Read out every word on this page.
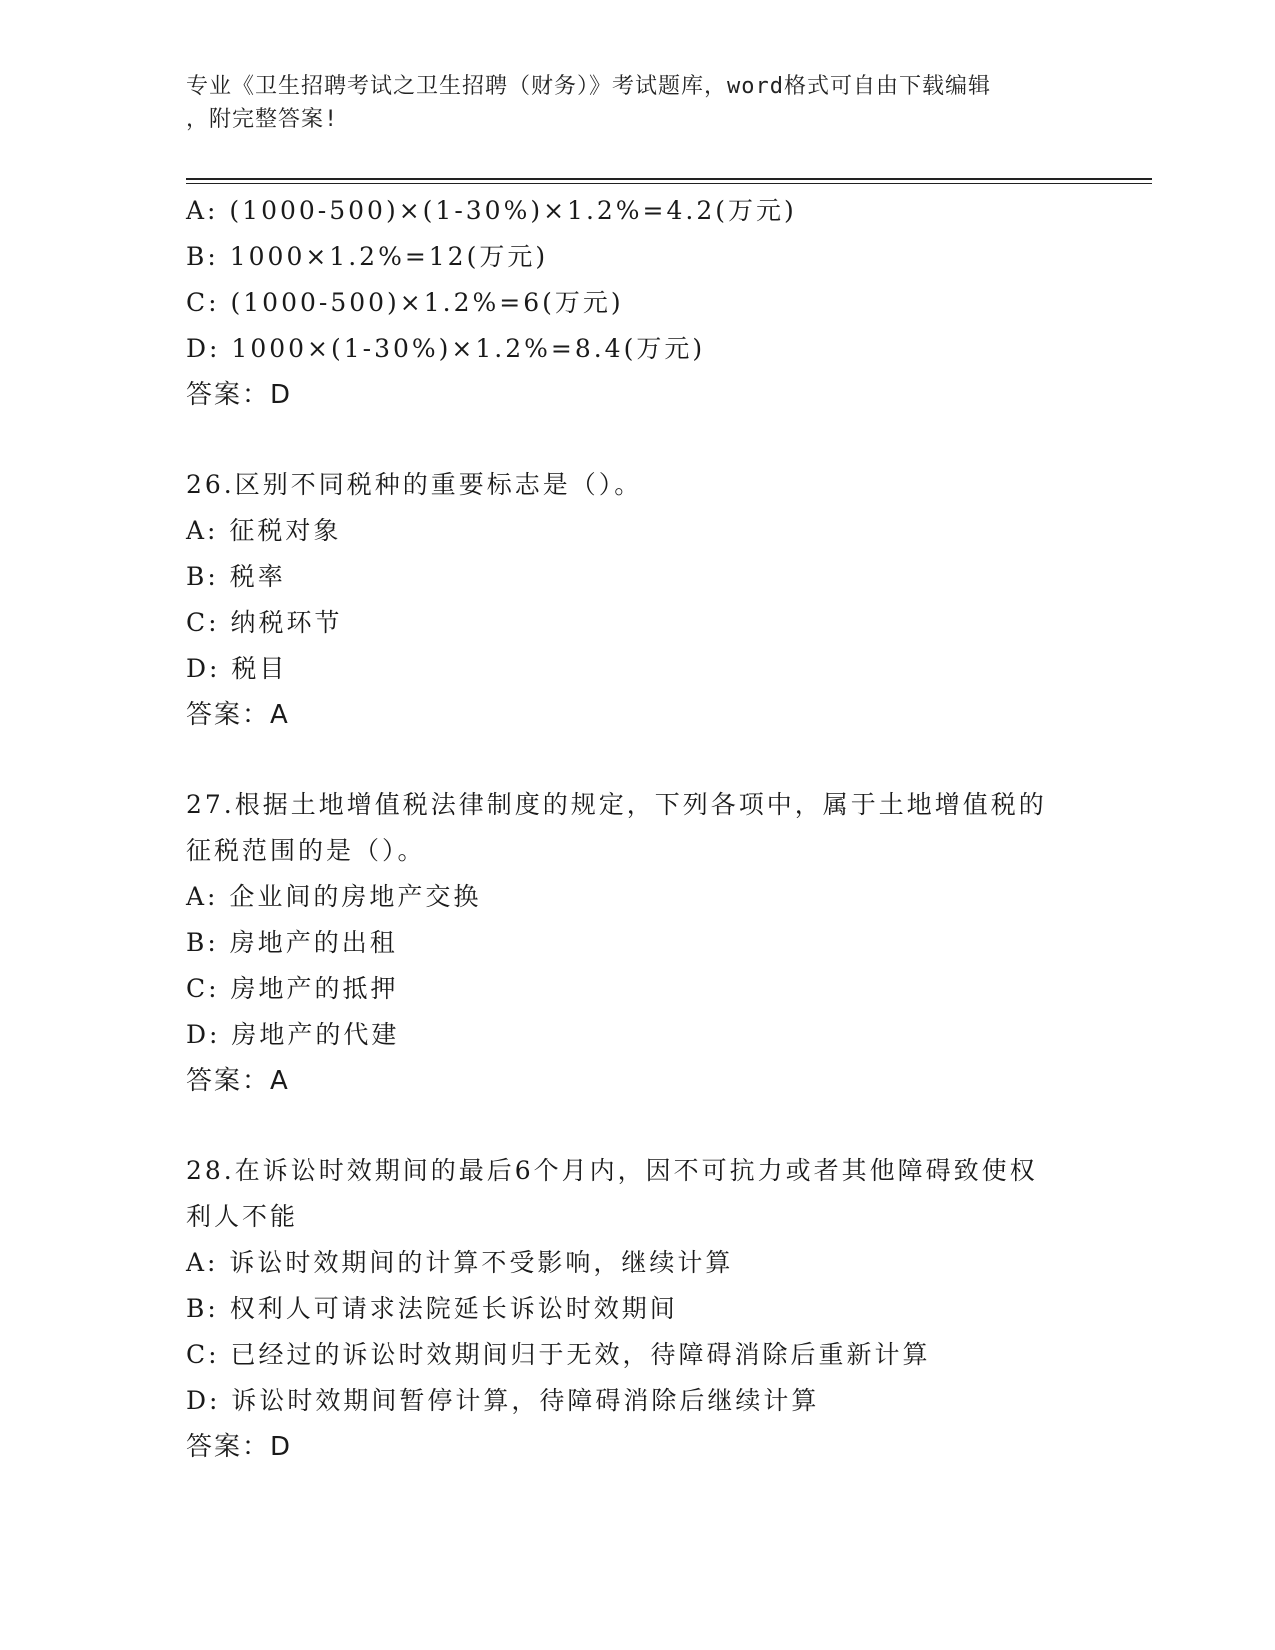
专业《卫生招聘考试之卫生招聘（财务）》考试题库，word格式可自由下载编辑
，附完整答案!
A: (1000-500)×(1-30%)×1.2%=4.2(万元)
B: 1000×1.2%=12(万元)
C: (1000-500)×1.2%=6(万元)
D: 1000×(1-30%)×1.2%=8.4(万元)
答案：D
26.区别不同税种的重要标志是（）。
A: 征税对象
B: 税率
C: 纳税环节
D: 税目
答案：A
27.根据土地增值税法律制度的规定，下列各项中，属于土地增值税的
征税范围的是（）。
A: 企业间的房地产交换
B: 房地产的出租
C: 房地产的抵押
D: 房地产的代建
答案：A
28.在诉讼时效期间的最后6个月内，因不可抗力或者其他障碍致使权
利人不能
A: 诉讼时效期间的计算不受影响，继续计算
B: 权利人可请求法院延长诉讼时效期间
C: 已经过的诉讼时效期间归于无效，待障碍消除后重新计算
D: 诉讼时效期间暂停计算，待障碍消除后继续计算
答案：D
